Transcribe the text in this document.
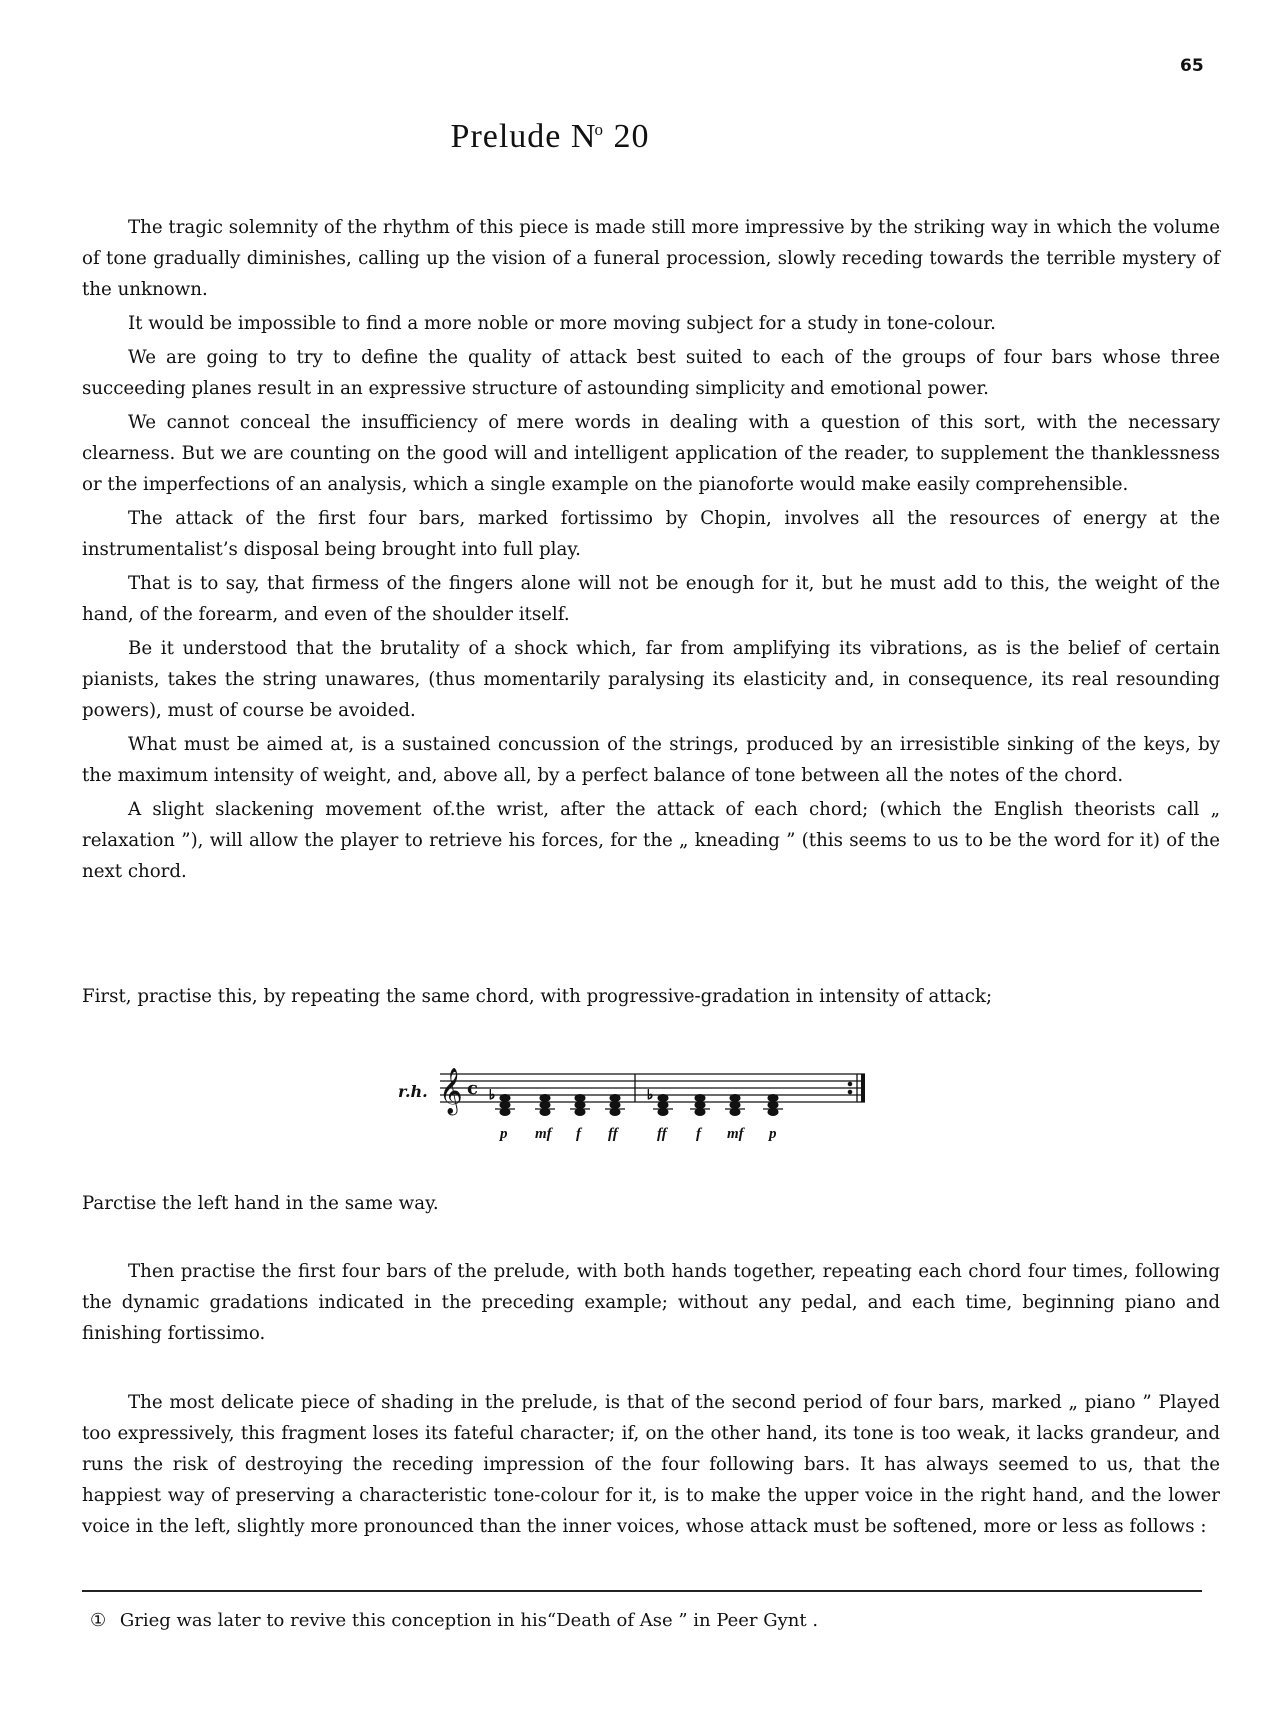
65
Prelude $N^o$ 20

The tragic solemnity of the rhythm of this piece is made still more impressive by the striking way in which the volume of tone gradually diminishes, calling up the vision of a funeral procession, slowly receding towards the terrible mystery of the unknown.

It would be impossible to find a more noble or more moving subject for a study in tone-colour.

We are going to try to define the quality of attack best suited to each of the groups of four bars whose three succeeding planes result in an expressive structure of astounding simplicity and emotional power.

We cannot conceal the insufficiency of mere words in dealing with a question of this sort, with the necessary clearness. But we are counting on the good will and intelligent application of the reader, to supplement the thanklessness or the imperfections of an analysis, which a single example on the pianoforte would make easily comprehensible.

The attack of the first four bars, marked fortissimo by Chopin, involves all the resources of energy at the instrumentalist’s disposal being brought into full play.

That is to say, that firmess of the fingers alone will not be enough for it, but he must add to this, the weight of the hand, of the forearm, and even of the shoulder itself.

Be it understood that the brutality of a shock which, far from amplifying its vibrations, as is the belief of certain pianists, takes the string unawares, (thus momentarily paralysing its elasticity and, in consequence, its real resounding powers), must of course be avoided.

What must be aimed at, is a sustained concussion of the strings, produced by an irresistible sinking of the keys, by the maximum intensity of weight, and, above all, by a perfect balance of tone between all the notes of the chord.

A slight slackening movement of.the wrist, after the attack of each chord; (which the English theorists call „ relaxation ”), will allow the player to retrieve his forces, for the „ kneading ” (this seems to us to be the word for it) of the next chord.

First, practise this, by repeating the same chord, with progressive-gradation in intensity of attack;
r.h. 𝄞 c ♭	♭
p mf f ff	ff f mf p
Parctise the left hand in the same way.

Then practise the first four bars of the prelude, with both hands together, repeating each chord four times, following the dynamic gradations indicated in the preceding example; without any pedal, and each time, beginning piano and finishing fortissimo.

The most delicate piece of shading in the prelude, is that of the second period of four bars, marked „ piano ” Played too expressively, this fragment loses its fateful character; if, on the other hand, its tone is too weak, it lacks grandeur, and runs the risk of destroying the receding impression of the four following bars. It has always seemed to us, that the happiest way of preserving a characteristic tone-colour for it, is to make the upper voice in the right hand, and the lower voice in the left, slightly more pronounced than the inner voices, whose attack must be softened, more or less as follows :

① Grieg was later to revive this conception in his“Death of Ase ” in Peer Gynt .
